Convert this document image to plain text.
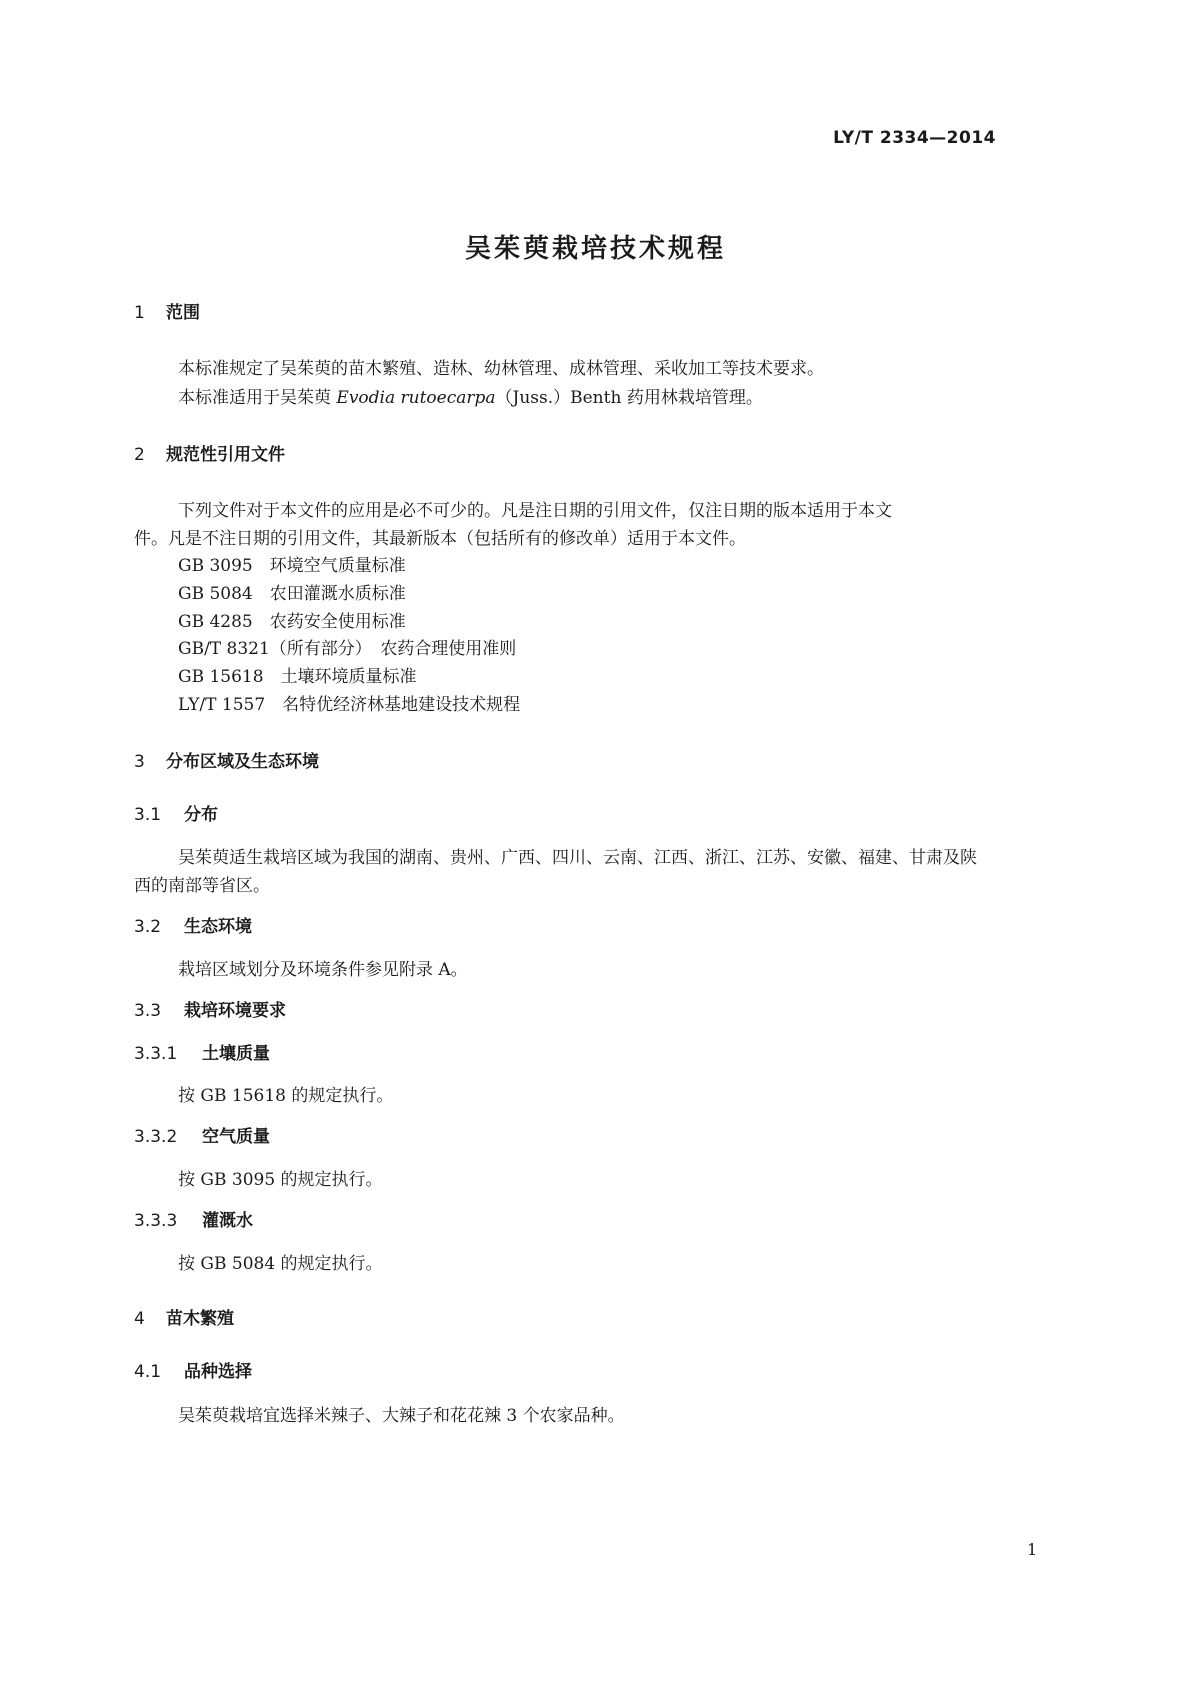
LY/T 2334—2014
吴茱萸栽培技术规程
1 范围
本标准规定了吴茱萸的苗木繁殖、造林、幼林管理、成林管理、采收加工等技术要求。
本标准适用于吴茱萸 Evodia rutoecarpa（Juss.）Benth 药用林栽培管理。
2 规范性引用文件
下列文件对于本文件的应用是必不可少的。凡是注日期的引用文件，仅注日期的版本适用于本文
件。凡是不注日期的引用文件，其最新版本（包括所有的修改单）适用于本文件。
GB 3095　 环境空气质量标准
GB 5084　 农田灌溉水质标准
GB 4285　 农药安全使用标准
GB/T 8321（所有部分）　 农药合理使用准则
GB 15618　 土壤环境质量标准
LY/T 1557　 名特优经济林基地建设技术规程
3 分布区域及生态环境
3.1 分布
吴茱萸适生栽培区域为我国的湖南、贵州、广西、四川、云南、江西、浙江、江苏、安徽、福建、甘肃及陕
西的南部等省区。
3.2 生态环境
栽培区域划分及环境条件参见附录 A。
3.3 栽培环境要求
3.3.1 土壤质量
按 GB 15618 的规定执行。
3.3.2 空气质量
按 GB 3095 的规定执行。
3.3.3 灌溉水
按 GB 5084 的规定执行。
4 苗木繁殖
4.1 品种选择
吴茱萸栽培宜选择米辣子、大辣子和花花辣 3 个农家品种。
1
